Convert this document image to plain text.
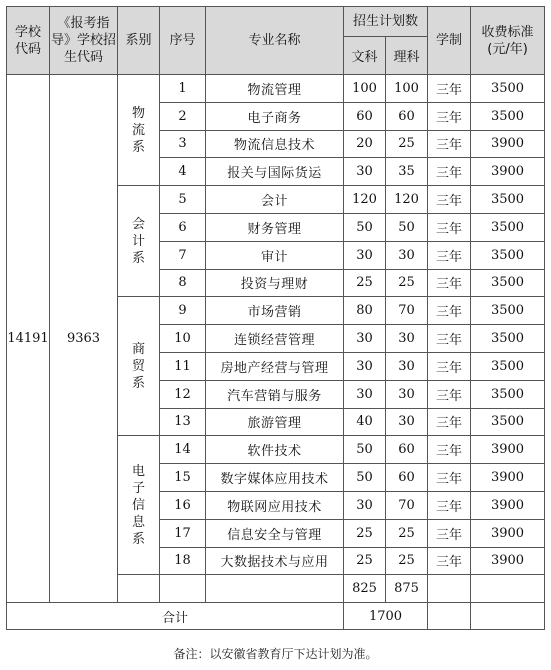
学校代码	《报考指导》学校招生代码	系别	序号	专业名称	招生计划数		学制	收费标准(元/年)
					文科	理科		
14191	9363	物流系	1	物流管理	100	100	三年	3500
			2	电子商务	60	60	三年	3500
			3	物流信息技术	20	25	三年	3900
			4	报关与国际货运	30	35	三年	3900
		会计系	5	会计	120	120	三年	3500
			6	财务管理	50	50	三年	3500
			7	审计	30	30	三年	3500
			8	投资与理财	25	25	三年	3500
		商贸系	9	市场营销	80	70	三年	3500
			10	连锁经营管理	30	30	三年	3500
			11	房地产经营与管理	30	30	三年	3500
			12	汽车营销与服务	30	30	三年	3500
			13	旅游管理	40	30	三年	3500
		电子信息系	14	软件技术	50	60	三年	3900
			15	数字媒体应用技术	50	60	三年	3900
			16	物联网应用技术	30	70	三年	3900
			17	信息安全与管理	25	25	三年	3900
			18	大数据技术与应用	25	25	三年	3900
					825	875		
合计					1700			
备注：以安徽省教育厅下达计划为准。
